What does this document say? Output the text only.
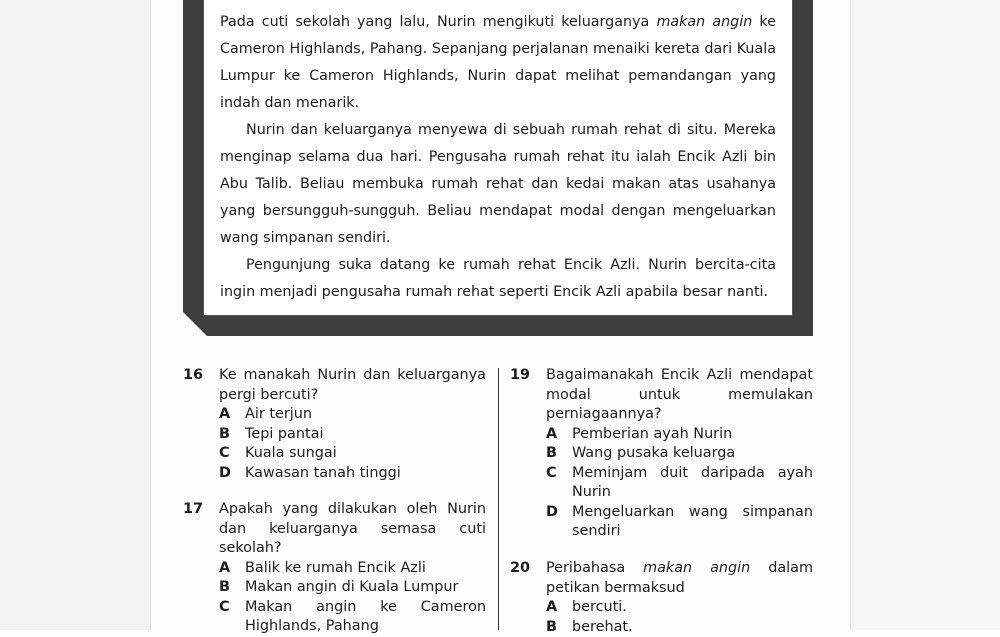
Pada cuti sekolah yang lalu, Nurin mengikuti keluarganya makan angin ke Cameron Highlands, Pahang. Sepanjang perjalanan menaiki kereta dari Kuala Lumpur ke Cameron Highlands, Nurin dapat melihat pemandangan yang indah dan menarik.

Nurin dan keluarganya menyewa di sebuah rumah rehat di situ. Mereka menginap selama dua hari. Pengusaha rumah rehat itu ialah Encik Azli bin Abu Talib. Beliau membuka rumah rehat dan kedai makan atas usahanya yang bersungguh-sungguh. Beliau mendapat modal dengan mengeluarkan wang simpanan sendiri.

Pengunjung suka datang ke rumah rehat Encik Azli. Nurin bercita-cita ingin menjadi pengusaha rumah rehat seperti Encik Azli apabila besar nanti.

16	Ke manakah Nurin dan keluarganya pergi bercuti?
A	Air terjun
B	Tepi pantai
C	Kuala sungai
D Kawasan tanah tinggi
17	Apakah yang dilakukan oleh Nurin dan keluarganya semasa cuti sekolah?
A	Balik ke rumah Encik Azli
B	Makan angin di Kuala Lumpur
C	Makan angin ke Cameron Highlands, Pahang
19	Bagaimanakah Encik Azli mendapat modal untuk memulakan perniagaannya?
A	Pemberian ayah Nurin
B	Wang pusaka keluarga
C	Meminjam duit daripada ayah Nurin
D Mengeluarkan wang simpanan sendiri
20	Peribahasa makan angin dalam petikan bermaksud
A	bercuti.
B	berehat.
